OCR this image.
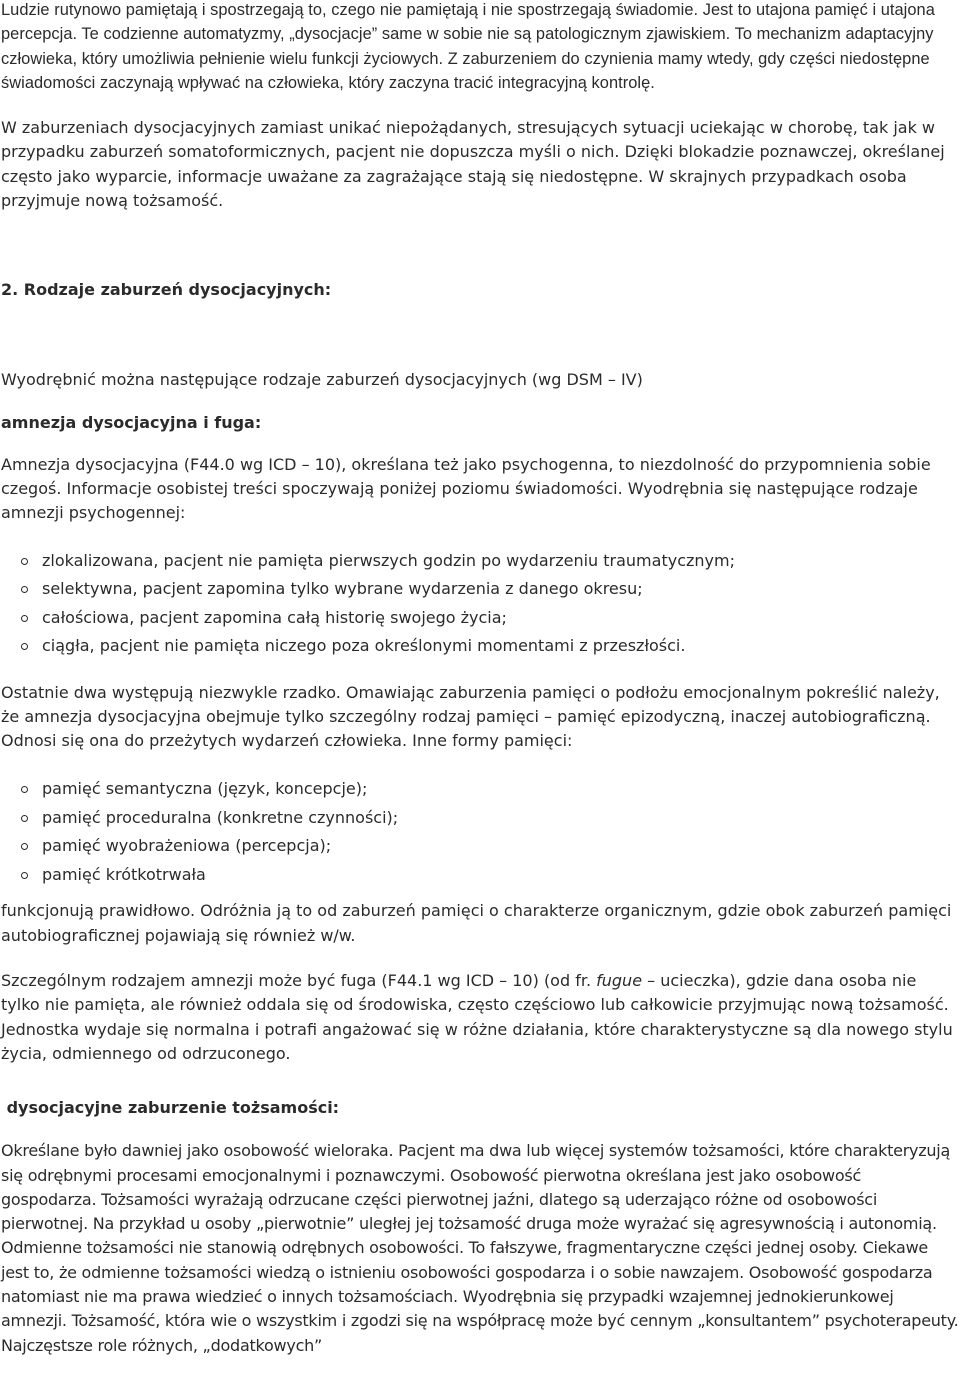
Ludzie rutynowo pamiętają i spostrzegają to, czego nie pamiętają i nie spostrzegają świadomie. Jest to utajona pamięć i utajona percepcja. Te codzienne automatyzmy, „dysocjacje” same w sobie nie są patologicznym zjawiskiem. To mechanizm adaptacyjny człowieka, który umożliwia pełnienie wielu funkcji życiowych. Z zaburzeniem do czynienia mamy wtedy, gdy części niedostępne świadomości zaczynają wpływać na człowieka, który zaczyna tracić integracyjną kontrolę.

W zaburzeniach dysocjacyjnych zamiast unikać niepożądanych, stresujących sytuacji uciekając w chorobę, tak jak w przypadku zaburzeń somatoformicznych, pacjent nie dopuszcza myśli o nich. Dzięki blokadzie poznawczej, określanej często jako wyparcie, informacje uważane za zagrażające stają się niedostępne. W skrajnych przypadkach osoba przyjmuje nową tożsamość.

2. Rodzaje zaburzeń dysocjacyjnych:

Wyodrębnić można następujące rodzaje zaburzeń dysocjacyjnych (wg DSM – IV)

amnezja dysocjacyjna i fuga:

Amnezja dysocjacyjna (F44.0 wg ICD – 10), określana też jako psychogenna, to niezdolność do przypomnienia sobie czegoś. Informacje osobistej treści spoczywają poniżej poziomu świadomości. Wyodrębnia się następujące rodzaje amnezji psychogennej:

zlokalizowana, pacjent nie pamięta pierwszych godzin po wydarzeniu traumatycznym;
selektywna, pacjent zapomina tylko wybrane wydarzenia z danego okresu;
całościowa, pacjent zapomina całą historię swojego życia;
ciągła, pacjent nie pamięta niczego poza określonymi momentami z przeszłości.

Ostatnie dwa występują niezwykle rzadko. Omawiając zaburzenia pamięci o podłożu emocjonalnym pokreślić należy, że amnezja dysocjacyjna obejmuje tylko szczególny rodzaj pamięci – pamięć epizodyczną, inaczej autobiograficzną. Odnosi się ona do przeżytych wydarzeń człowieka. Inne formy pamięci:

pamięć semantyczna (język, koncepcje);
pamięć proceduralna (konkretne czynności);
pamięć wyobrażeniowa (percepcja);
pamięć krótkotrwała

funkcjonują prawidłowo. Odróżnia ją to od zaburzeń pamięci o charakterze organicznym, gdzie obok zaburzeń pamięci autobiograficznej pojawiają się również w/w.

Szczególnym rodzajem amnezji może być fuga (F44.1 wg ICD – 10) (od fr. fugue – ucieczka), gdzie dana osoba nie tylko nie pamięta, ale również oddala się od środowiska, często częściowo lub całkowicie przyjmując nową tożsamość. Jednostka wydaje się normalna i potrafi angażować się w różne działania, które charakterystyczne są dla nowego stylu życia, odmiennego od odrzuconego.

dysocjacyjne zaburzenie tożsamości:

Określane było dawniej jako osobowość wieloraka. Pacjent ma dwa lub więcej systemów tożsamości, które charakteryzują się odrębnymi procesami emocjonalnymi i poznawczymi. Osobowość pierwotna określana jest jako osobowość gospodarza. Tożsamości wyrażają odrzucane części pierwotnej jaźni, dlatego są uderzająco różne od osobowości pierwotnej. Na przykład u osoby „pierwotnie” uległej jej tożsamość druga może wyrażać się agresywnością i autonomią. Odmienne tożsamości nie stanowią odrębnych osobowości. To fałszywe, fragmentaryczne części jednej osoby. Ciekawe jest to, że odmienne tożsamości wiedzą o istnieniu osobowości gospodarza i o sobie nawzajem. Osobowość gospodarza natomiast nie ma prawa wiedzieć o innych tożsamościach. Wyodrębnia się przypadki wzajemnej jednokierunkowej amnezji. Tożsamość, która wie o wszystkim i zgodzi się na współpracę może być cennym „konsultantem” psychoterapeuty. Najczęstsze role różnych, „dodatkowych”
